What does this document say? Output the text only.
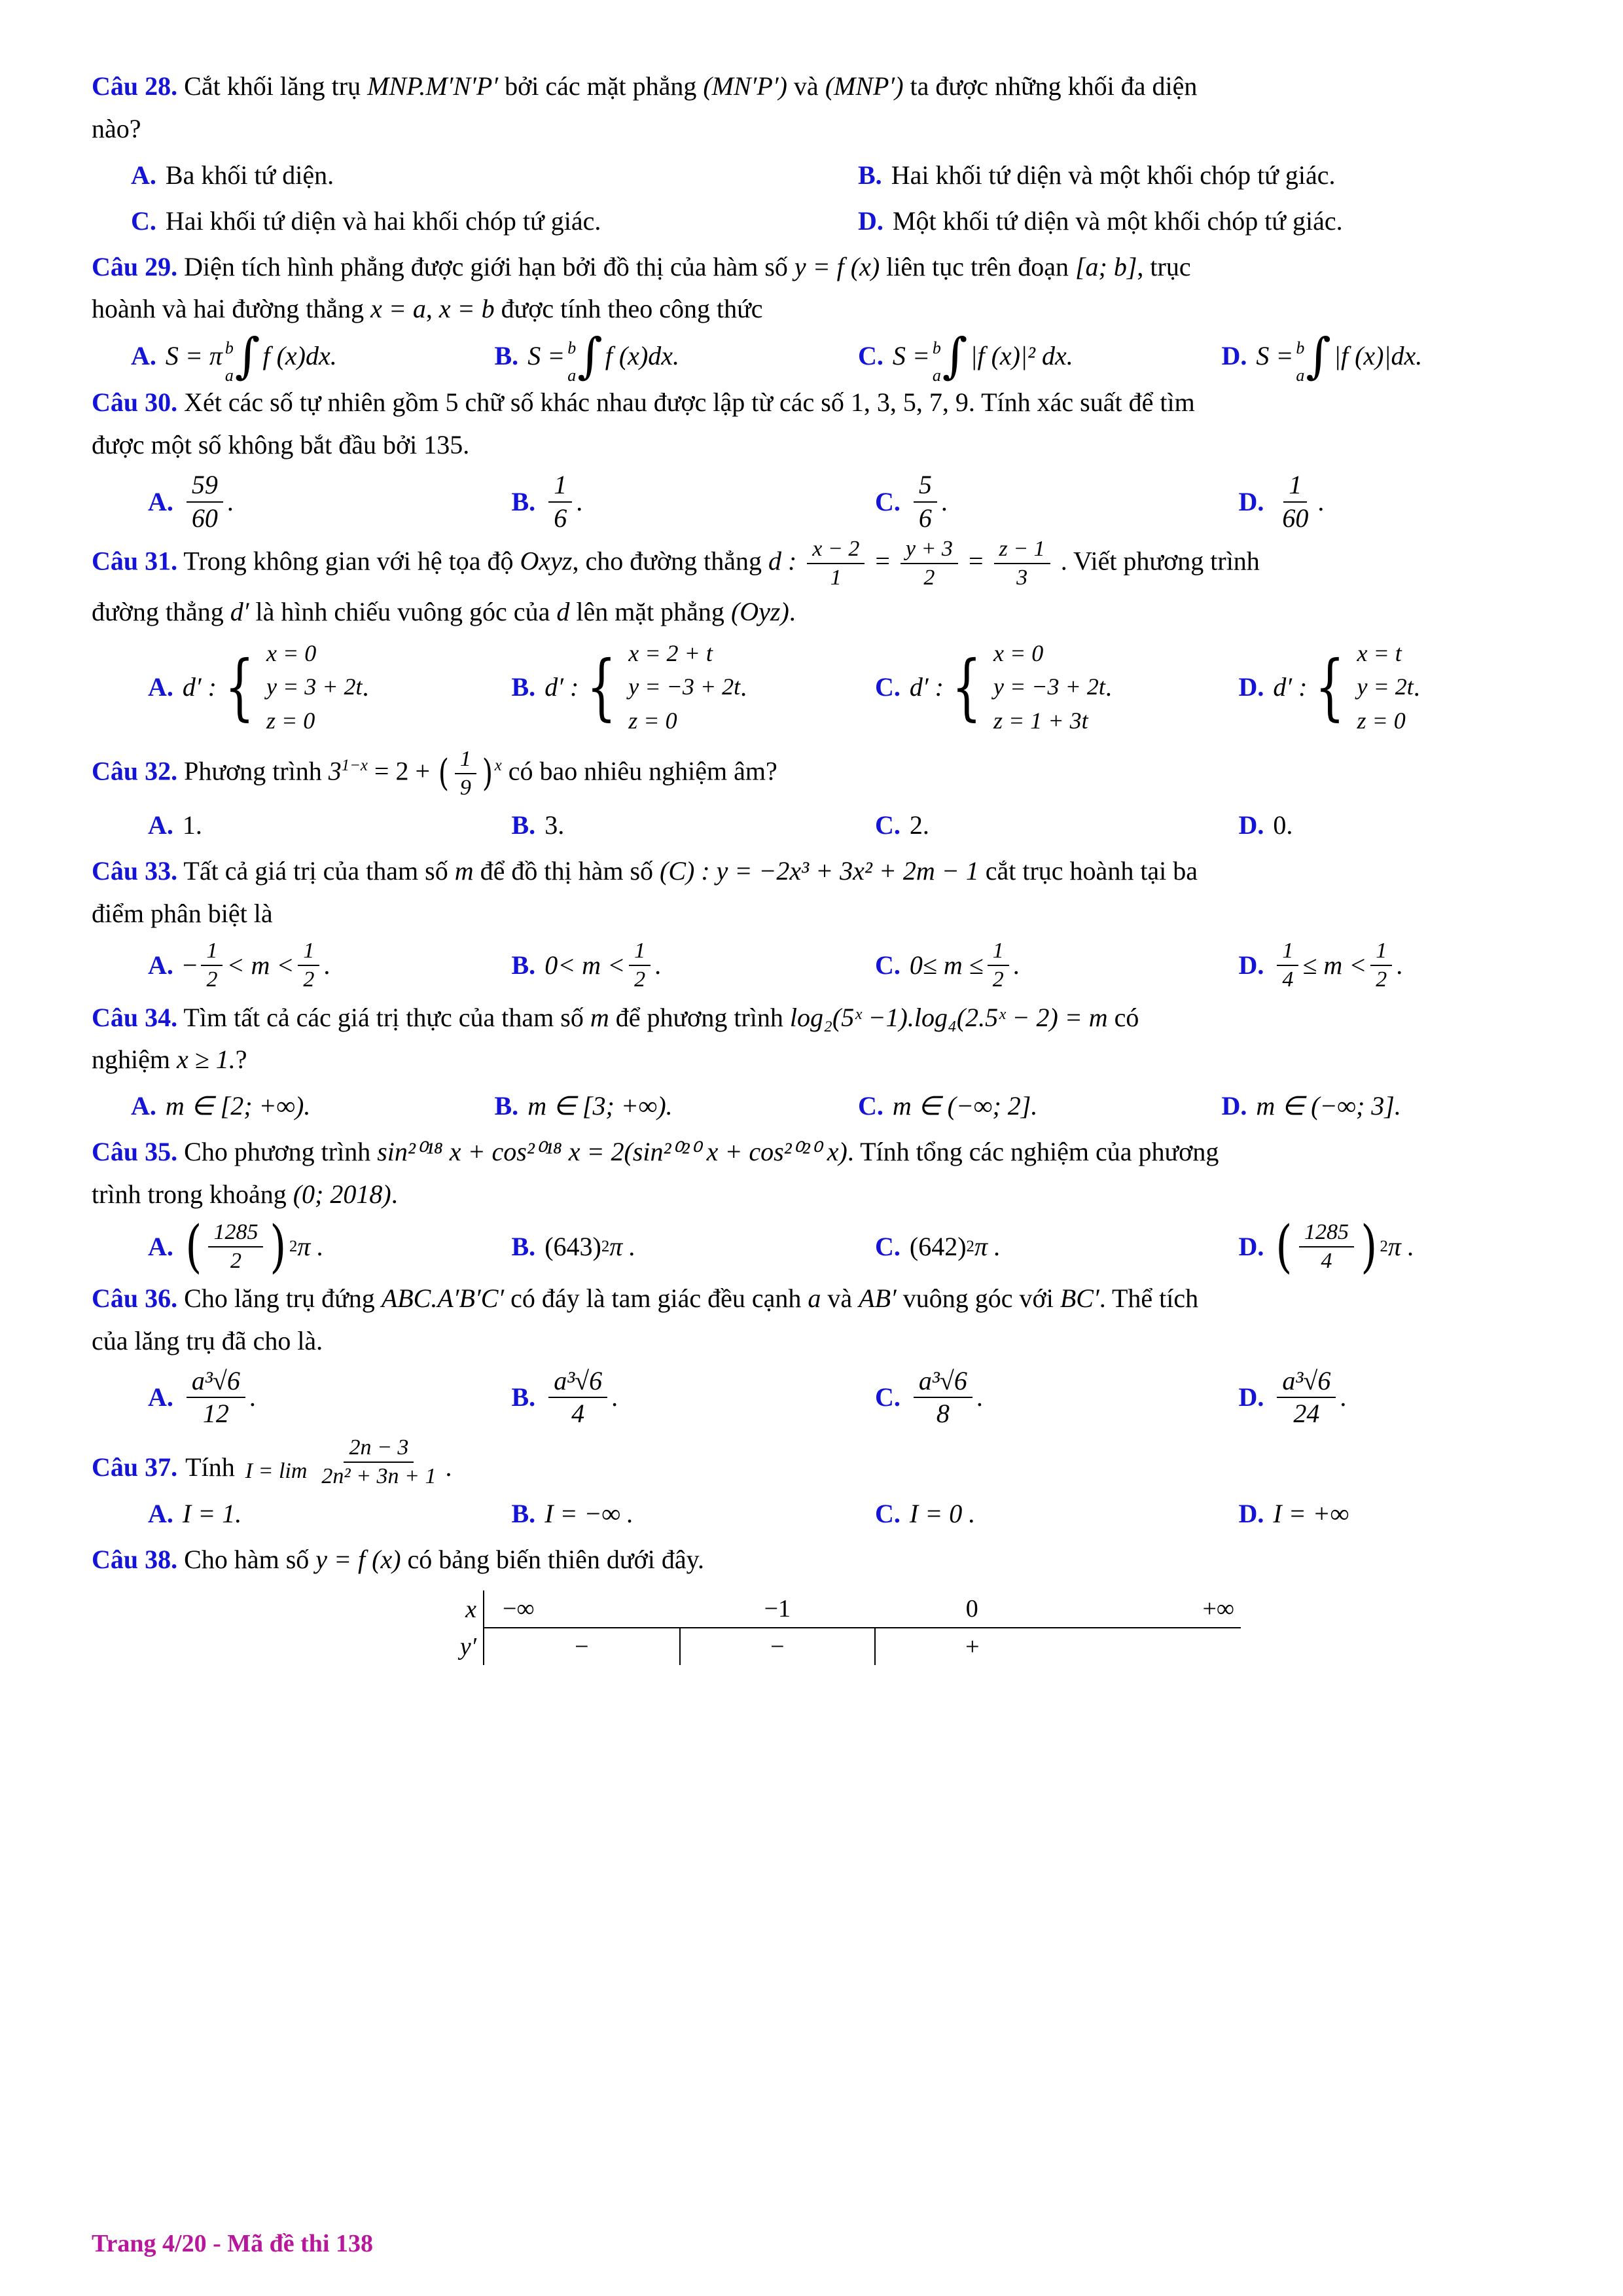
Câu 28. Cắt khối lăng trụ MNP.M′N′P′ bởi các mặt phẳng (MN′P′) và (MNP′) ta được những khối đa diện
nào?
A. Ba khối tứ diện.	B. Hai khối tứ diện và một khối chóp tứ giác.
C. Hai khối tứ diện và hai khối chóp tứ giác.	D. Một khối tứ diện và một khối chóp tứ giác.
Câu 29. Diện tích hình phẳng được giới hạn bởi đồ thị của hàm số y = f (x) liên tục trên đoạn [a; b], trục
hoành và hai đường thẳng x = a, x = b được tính theo công thức
A. S = π b
a ∫ f (x)dx.	B. S = b
a ∫ f (x)dx.	C. S = b
a ∫ |f (x)|² dx.	D. S = b
a ∫ |f (x)|dx.
Câu 30. Xét các số tự nhiên gồm 5 chữ số khác nhau được lập từ các số 1, 3, 5, 7, 9. Tính xác suất để tìm
được một số không bắt đầu bởi 135.
A. $\frac{59}{60}$ .	B. $\frac{1}{6}$ .	C. $\frac{5}{6}$ .	D. $\frac{1}{60}$ .
Câu 31. Trong không gian với hệ tọa độ Oxyz, cho đường thẳng d : $\frac{x - 2}{1} = \frac{y + 3}{2} = \frac{z - 1}{3}$ . Viết phương trình
đường thẳng d′ là hình chiếu vuông góc của d lên mặt phẳng (Oyz).
A. d′ : { x = 0
y = 3 + 2t
z = 0
.	B. d′ : { x = 2 + t
y = −3 + 2t
z = 0
.	C. d′ : { x = 0
y = −3 + 2t
z = 1 + 3t
.	D. d′ : { x = t
y = 2t
z = 0
.
Câu 32. Phương trình $3^{1-x} = 2$ + ( $\frac{1}{9}$ ) $^x$ có bao nhiêu nghiệm âm?
A. 1.	B. 3.	C. 2.	D. 0.
Câu 33. Tất cả giá trị của tham số m để đồ thị hàm số (C) : y = −2x³ + 3x² + 2m − 1 cắt trục hoành tại ba
điểm phân biệt là
A. − $\frac{1}{2} < m < \frac{1}{2}$ .	B. $0 < m < \frac{1}{2}$ .	C. $0 \le m \le \frac{1}{2}$ .	D. $\frac{1}{4} \le m < \frac{1}{2}$ .
Câu 34. Tìm tất cả các giá trị thực của tham số m để phương trình log₂(5ˣ −1).log₄(2.5ˣ − 2) = m có
nghiệm x ≥ 1.?
A. m ∈ [2; +∞).	B. m ∈ [3; +∞).	C. m ∈ (−∞; 2].	D. m ∈ (−∞; 3].
Câu 35. Cho phương trình sin²⁰¹⁸ x + cos²⁰¹⁸ x = 2(sin²⁰²⁰ x + cos²⁰²⁰ x). Tính tổng các nghiệm của phương
trình trong khoảng (0; 2018).
A. ( $\frac{1285}{2}$ ) 2 π .	B. (643) 2 π .	C. (642) 2 π .	D. ( $\frac{1285}{4}$ ) 2 π .
Câu 36. Cho lăng trụ đứng ABC.A′B′C′ có đáy là tam giác đều cạnh a và AB′ vuông góc với BC′. Thể tích
của lăng trụ đã cho là.
A. $\frac{\text{a³√6}}{12}$ .	B. $\frac{\text{a³√6}}{4}$ .	C. $\frac{\text{a³√6}}{8}$ .	D. $\frac{\text{a³√6}}{24}$ .
Câu 37. Tính $I = \lim \frac{2n - 3}{\text{2n² + 3n + 1}}$ .
A. I = 1.	B. I = −∞ .	C. I = 0 .	D. I = +∞
Câu 38. Cho hàm số y = f (x) có bảng biến thiên dưới đây.
x	−∞	−1	0	+∞
y′	−	−	+	
Trang 4/20 - Mã đề thi 138
